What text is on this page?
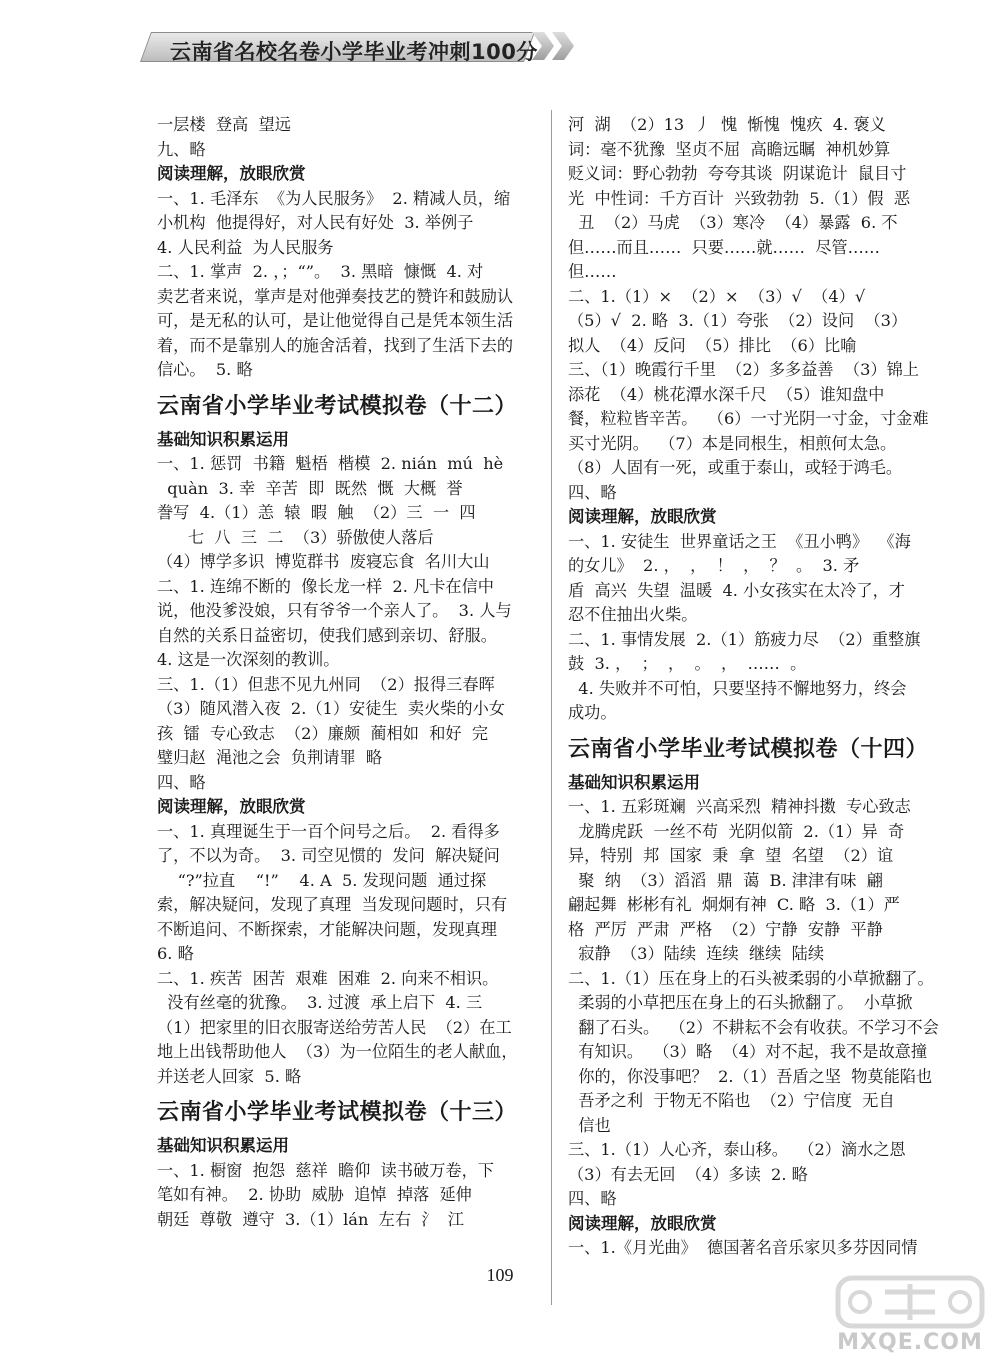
云南省名校名卷小学毕业考冲刺100分

一层楼  登高  望远

九、略

阅读理解，放眼欣赏

一、1. 毛泽东  《为人民服务》  2. 精减人员，缩

小机构  他提得好，对人民有好处  3. 举例子

4. 人民利益  为人民服务

二、1. 掌声  2. ，；“”。  3. 黑暗  慷慨  4. 对

卖艺者来说，掌声是对他弹奏技艺的赞许和鼓励认

可，是无私的认可，是让他觉得自己是凭本领生活

着，而不是靠别人的施舍活着，找到了生活下去的

信心。  5. 略

云南省小学毕业考试模拟卷（十二）

基础知识积累运用

一、1. 惩罚  书籍  魁梧  楷模  2. nián  mú  hè

quàn  3. 幸  辛苦  即  既然  慨  大概  誉

誊写  4.（1）恙  辕  暇  触  （2）三  一  四

七  八  三  二  （3）骄傲使人落后

（4）博学多识  博览群书  废寝忘食  名川大山

二、1. 连绵不断的  像长龙一样  2. 凡卡在信中

说，他没爹没娘，只有爷爷一个亲人了。  3. 人与

自然的关系日益密切，使我们感到亲切、舒服。

4. 这是一次深刻的教训。

三、1.（1）但悲不见九州同  （2）报得三春晖

（3）随风潜入夜  2.（1）安徒生  卖火柴的小女

孩  镭  专心致志  （2）廉颇  蔺相如  和好  完

璧归赵  渑池之会  负荆请罪  略

四、略

阅读理解，放眼欣赏

一、1. 真理诞生于一百个问号之后。  2. 看得多

了，不以为奇。  3. 司空见惯的  发问  解决疑问

“?”拉直    “!”    4. A  5. 发现问题  通过探

索，解决疑问，发现了真理  当发现问题时，只有

不断追问、不断探索，才能解决问题，发现真理

6. 略

二、1. 疾苦  困苦  艰难  困难  2. 向来不相识。

没有丝毫的犹豫。  3. 过渡  承上启下  4. 三

（1）把家里的旧衣服寄送给劳苦人民  （2）在工

地上出钱帮助他人  （3）为一位陌生的老人献血，

并送老人回家  5. 略

云南省小学毕业考试模拟卷（十三）

基础知识积累运用

一、1. 橱窗  抱怨  慈祥  瞻仰  读书破万卷，下

笔如有神。  2. 协助  威胁  追悼  掉落  延伸

朝廷  尊敬  遵守  3.（1）lán  左右  氵  江

河  湖  （2）13  丿  愧  惭愧  愧疚  4. 褒义

词：毫不犹豫  坚贞不屈  高瞻远瞩  神机妙算

贬义词：野心勃勃  夸夸其谈  阴谋诡计  鼠目寸

光  中性词：千方百计  兴致勃勃  5.（1）假  恶

丑  （2）马虎  （3）寒冷  （4）暴露  6. 不

但……而且……  只要……就……  尽管……

但……

二、1.（1）×  （2）×  （3）√  （4）√

（5）√  2. 略  3.（1）夸张  （2）设问  （3）

拟人  （4）反问  （5）排比  （6）比喻

三、（1）晚霞行千里  （2）多多益善  （3）锦上

添花  （4）桃花潭水深千尺  （5）谁知盘中

餐，粒粒皆辛苦。  （6）一寸光阴一寸金，寸金难

买寸光阴。  （7）本是同根生，相煎何太急。

（8）人固有一死，或重于泰山，或轻于鸿毛。

四、略

阅读理解，放眼欣赏

一、1. 安徒生  世界童话之王  《丑小鸭》  《海

的女儿》  2. ，  ，  ！  ，  ？  。  3. 矛

盾  高兴  失望  温暖  4. 小女孩实在太冷了，才

忍不住抽出火柴。

二、1. 事情发展  2.（1）筋疲力尽  （2）重整旗

鼓  3. ，  ；  ，  。  ，  ……  。

4. 失败并不可怕，只要坚持不懈地努力，终会

成功。

云南省小学毕业考试模拟卷（十四）

基础知识积累运用

一、1. 五彩斑斓  兴高采烈  精神抖擞  专心致志

龙腾虎跃  一丝不苟  光阴似箭  2.（1）异  奇

异，特别  邦  国家  秉  拿  望  名望  （2）谊

聚  纳  （3）滔滔  鼎  蔼  B. 津津有味  翩

翩起舞  彬彬有礼  炯炯有神  C. 略  3.（1）严

格  严厉  严肃  严格  （2）宁静  安静  平静

寂静  （3）陆续  连续  继续  陆续

二、1.（1）压在身上的石头被柔弱的小草掀翻了。

柔弱的小草把压在身上的石头掀翻了。  小草掀

翻了石头。  （2）不耕耘不会有收获。不学习不会

有知识。  （3）略  （4）对不起，我不是故意撞

你的，你没事吧？  2.（1）吾盾之坚  物莫能陷也

吾矛之利  于物无不陷也  （2）宁信度  无自

信也

三、1.（1）人心齐，泰山移。  （2）滴水之恩

（3）有去无回  （4）多读  2. 略

四、略

阅读理解，放眼欣赏

一、1.《月光曲》  德国著名音乐家贝多芬因同情

109
MXQE.COM
